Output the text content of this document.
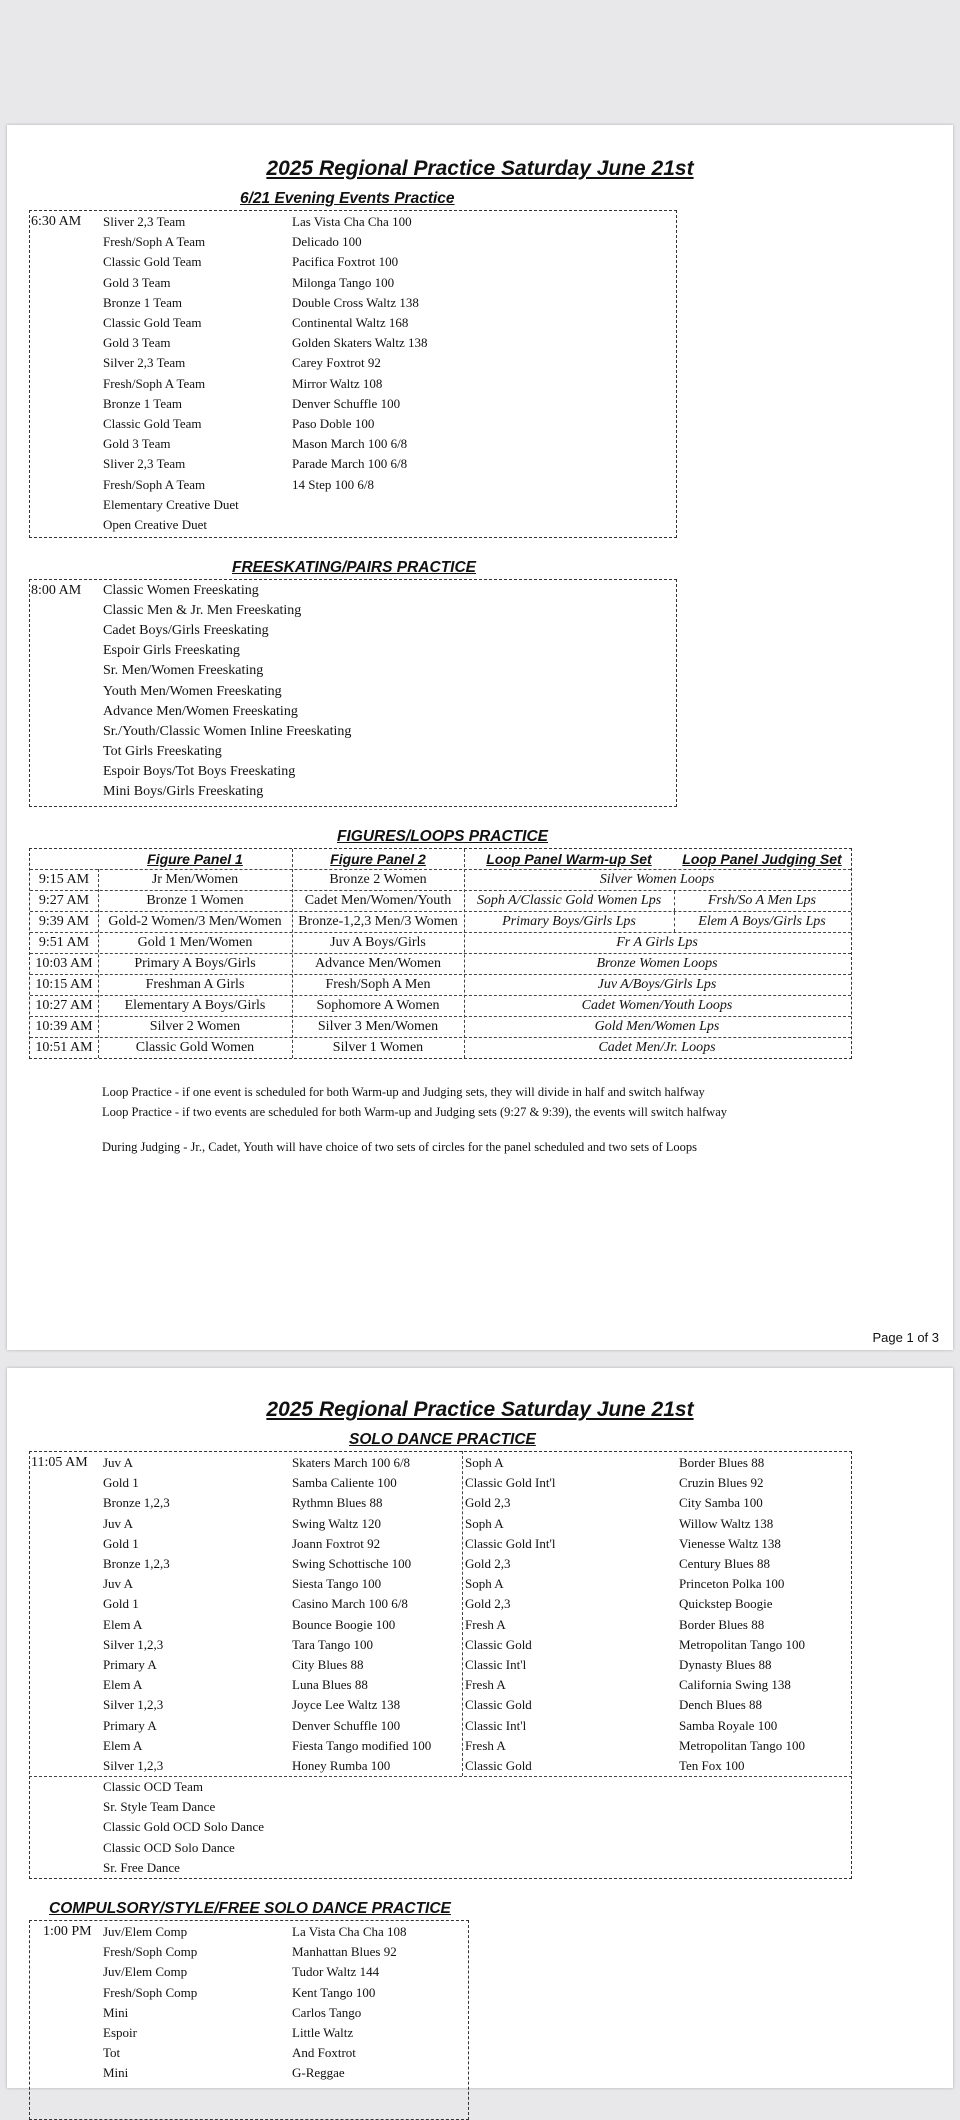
2025 Regional Practice Saturday June 21st
6/21 Evening Events Practice
6:30 AM Sliver 2,3 Team	Las Vista Cha Cha 100
Fresh/Soph A Team	Delicado 100
Classic Gold Team	Pacifica Foxtrot 100
Gold 3 Team	Milonga Tango 100
Bronze 1 Team	Double Cross Waltz 138
Classic Gold Team	Continental Waltz 168
Gold 3 Team	Golden Skaters Waltz 138
Silver 2,3 Team	Carey Foxtrot 92
Fresh/Soph A Team	Mirror Waltz 108
Bronze 1 Team	Denver Schuffle 100
Classic Gold Team	Paso Doble 100
Gold 3 Team	Mason March 100 6/8
Sliver 2,3 Team	Parade March 100 6/8
Fresh/Soph A Team	14 Step 100 6/8
Elementary Creative Duet
Open Creative Duet
FREESKATING/PAIRS PRACTICE
8:00 AM Classic Women Freeskating
Classic Men & Jr. Men Freeskating
Cadet Boys/Girls Freeskating
Espoir Girls Freeskating
Sr. Men/Women Freeskating
Youth Men/Women Freeskating
Advance Men/Women Freeskating
Sr./Youth/Classic Women Inline Freeskating
Tot Girls Freeskating
Espoir Boys/Tot Boys Freeskating
Mini Boys/Girls Freeskating
FIGURES/LOOPS PRACTICE
Figure Panel 1	Figure Panel 2	Loop Panel Warm-up Set	Loop Panel Judging Set
9:15 AM	Jr Men/Women	Bronze 2 Women	Silver Women Loops
9:27 AM	Bronze 1 Women	Cadet Men/Women/Youth	Soph A/Classic Gold Women Lps	Frsh/So A Men Lps
9:39 AM	Gold-2 Women/3 Men/Women	Bronze-1,2,3 Men/3 Women	Primary Boys/Girls Lps	Elem A Boys/Girls Lps
9:51 AM	Gold 1 Men/Women	Juv A Boys/Girls	Fr A Girls Lps
10:03 AM	Primary A Boys/Girls	Advance Men/Women	Bronze Women Loops
10:15 AM	Freshman A Girls	Fresh/Soph A Men	Juv A/Boys/Girls Lps
10:27 AM	Elementary A Boys/Girls	Sophomore A Women	Cadet Women/Youth Loops
10:39 AM	Silver 2 Women	Silver 3 Men/Women	Gold Men/Women Lps
10:51 AM	Classic Gold Women	Silver 1 Women	Cadet Men/Jr. Loops
Loop Practice - if one event is scheduled for both Warm-up and Judging sets, they will divide in half and switch halfway
Loop Practice - if two events are scheduled for both Warm-up and Judging sets (9:27 & 9:39), the events will switch halfway
During Judging - Jr., Cadet, Youth will have choice of two sets of circles for the panel scheduled and two sets of Loops
Page 1 of 3
2025 Regional Practice Saturday June 21st
SOLO DANCE PRACTICE
11:05 AM Juv A	Skaters March 100 6/8	Soph A	Border Blues 88
Gold 1	Samba Caliente 100	Classic Gold Int'l	Cruzin Blues 92
Bronze 1,2,3	Rythmn Blues 88	Gold 2,3	City Samba 100
Juv A	Swing Waltz 120	Soph A	Willow Waltz 138
Gold 1	Joann Foxtrot 92	Classic Gold Int'l	Vienesse Waltz 138
Bronze 1,2,3	Swing Schottische 100	Gold 2,3	Century Blues 88
Juv A	Siesta Tango 100	Soph A	Princeton Polka 100
Gold 1	Casino March 100 6/8	Gold 2,3	Quickstep Boogie
Elem A	Bounce Boogie 100	Fresh A	Border Blues 88
Silver 1,2,3	Tara Tango 100	Classic Gold	Metropolitan Tango 100
Primary A	City Blues 88	Classic Int'l	Dynasty Blues 88
Elem A	Luna Blues 88	Fresh A	California Swing 138
Silver 1,2,3	Joyce Lee Waltz 138	Classic Gold	Dench Blues 88
Primary A	Denver Schuffle 100	Classic Int'l	Samba Royale 100
Elem A	Fiesta Tango modified 100	Fresh A	Metropolitan Tango 100
Silver 1,2,3	Honey Rumba 100	Classic Gold	Ten Fox 100
Classic OCD Team
Sr. Style Team Dance
Classic Gold OCD Solo Dance
Classic OCD Solo Dance
Sr. Free Dance
COMPULSORY/STYLE/FREE SOLO DANCE PRACTICE
1:00 PM Juv/Elem Comp	La Vista Cha Cha 108
Fresh/Soph Comp	Manhattan Blues 92
Juv/Elem Comp	Tudor Waltz 144
Fresh/Soph Comp	Kent Tango 100
Mini	Carlos Tango
Espoir	Little Waltz
Tot	And Foxtrot
Mini	G-Reggae
